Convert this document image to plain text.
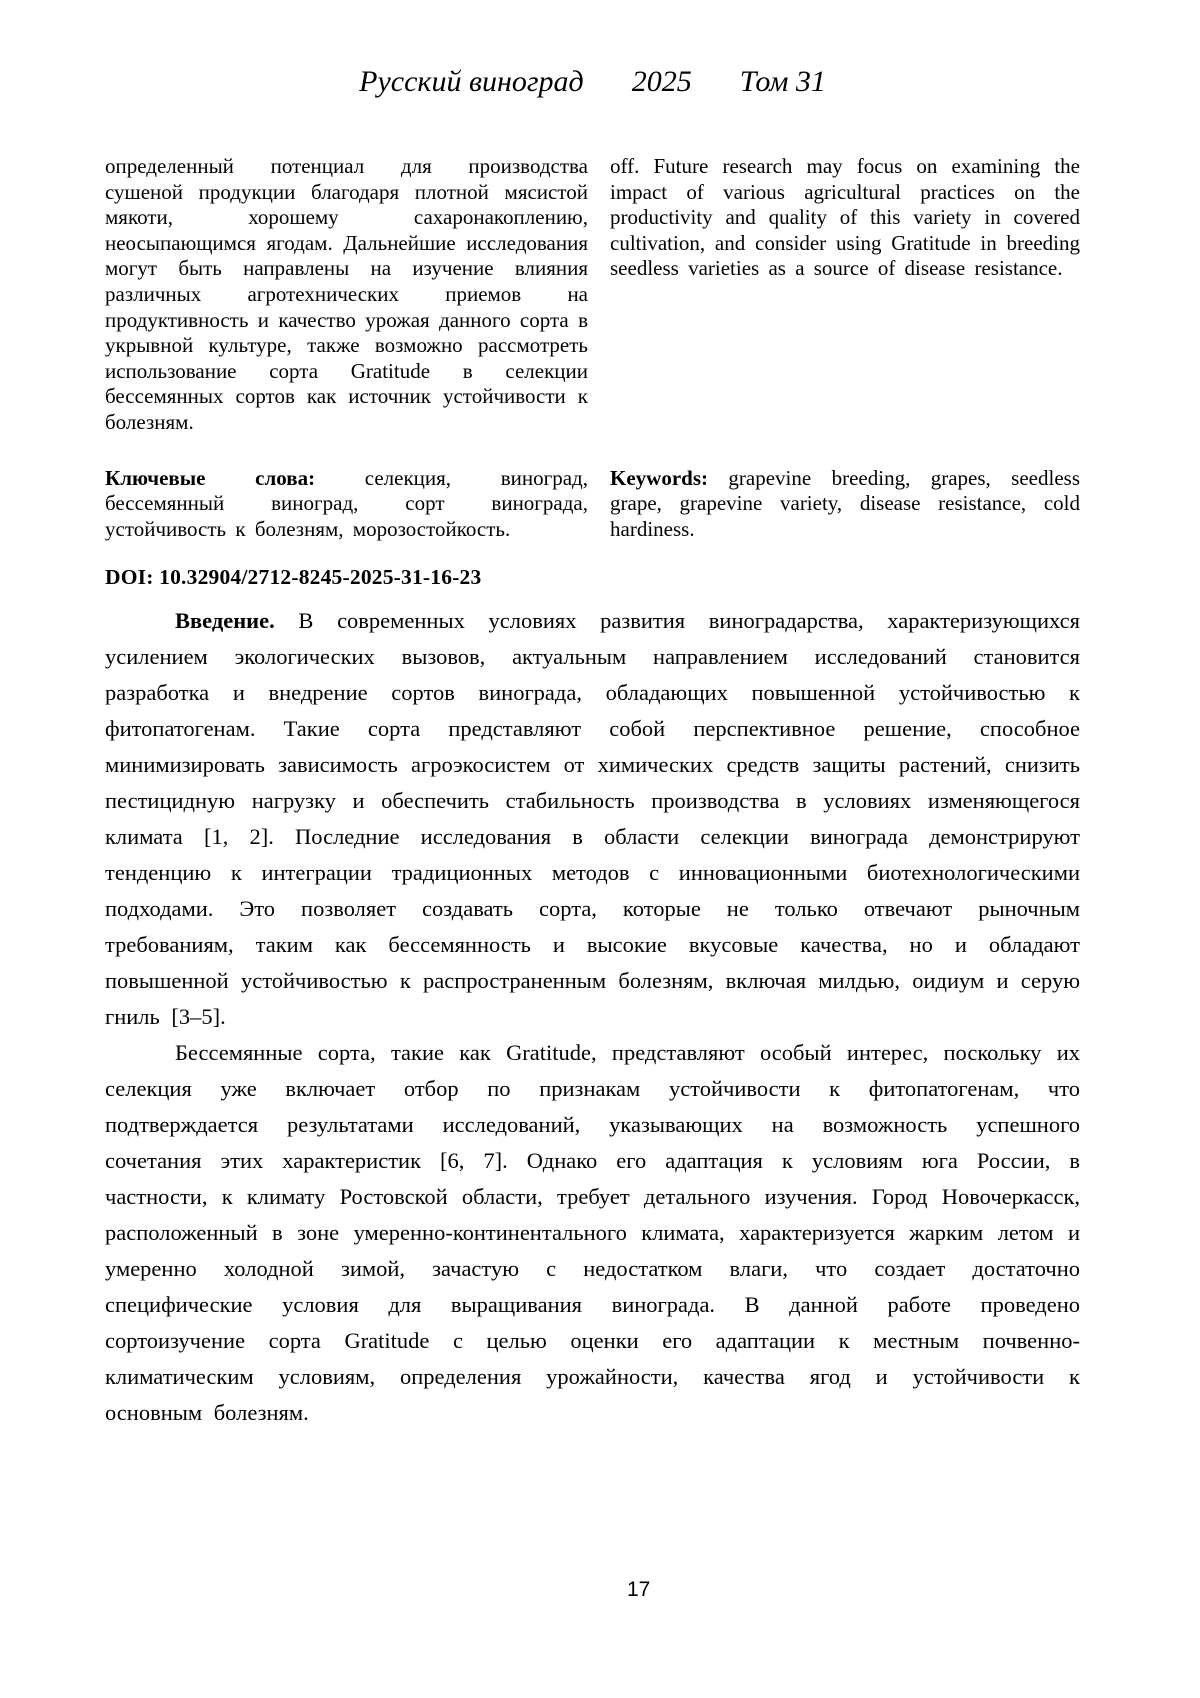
Русский виноград 2025 Том 31

определенный потенциал для производства сушеной продукции благодаря плотной мясистой мякоти, хорошему сахаронакоплению, неосыпающимся ягодам. Дальнейшие исследования могут быть направлены на изучение влияния различных агротехнических приемов на продуктивность и качество урожая данного сорта в укрывной культуре, также возможно рассмотреть использование сорта Gratitude в селекции бессемянных сортов как источник устойчивости к болезням.

off. Future research may focus on examining the impact of various agricultural practices on the productivity and quality of this variety in covered cultivation, and consider using Gratitude in breeding seedless varieties as a source of disease resistance.

Ключевые слова: селекция, виноград, бессемянный виноград, сорт винограда, устойчивость к болезням, морозостойкость.

Keywords: grapevine breeding, grapes, seedless grape, grapevine variety, disease resistance, cold hardiness.

DOI: 10.32904/2712-8245-2025-31-16-23

Введение. В современных условиях развития виноградарства, характеризующихся усилением экологических вызовов, актуальным направлением исследований становится разработка и внедрение сортов винограда, обладающих повышенной устойчивостью к фитопатогенам. Такие сорта представляют собой перспективное решение, способное минимизировать зависимость агроэкосистем от химических средств защиты растений, снизить пестицидную нагрузку и обеспечить стабильность производства в условиях изменяющегося климата [1, 2]. Последние исследования в области селекции винограда демонстрируют тенденцию к интеграции традиционных методов с инновационными биотехнологическими подходами. Это позволяет создавать сорта, которые не только отвечают рыночным требованиям, таким как бессемянность и высокие вкусовые качества, но и обладают повышенной устойчивостью к распространенным болезням, включая милдью, оидиум и серую гниль [3–5].

Бессемянные сорта, такие как Gratitude, представляют особый интерес, поскольку их селекция уже включает отбор по признакам устойчивости к фитопатогенам, что подтверждается результатами исследований, указывающих на возможность успешного сочетания этих характеристик [6, 7]. Однако его адаптация к условиям юга России, в частности, к климату Ростовской области, требует детального изучения. Город Новочеркасск, расположенный в зоне умеренно-континентального климата, характеризуется жарким летом и умеренно холодной зимой, зачастую с недостатком влаги, что создает достаточно специфические условия для выращивания винограда. В данной работе проведено сортоизучение сорта Gratitude с целью оценки его адаптации к местным почвенно-климатическим условиям, определения урожайности, качества ягод и устойчивости к основным болезням.

17
